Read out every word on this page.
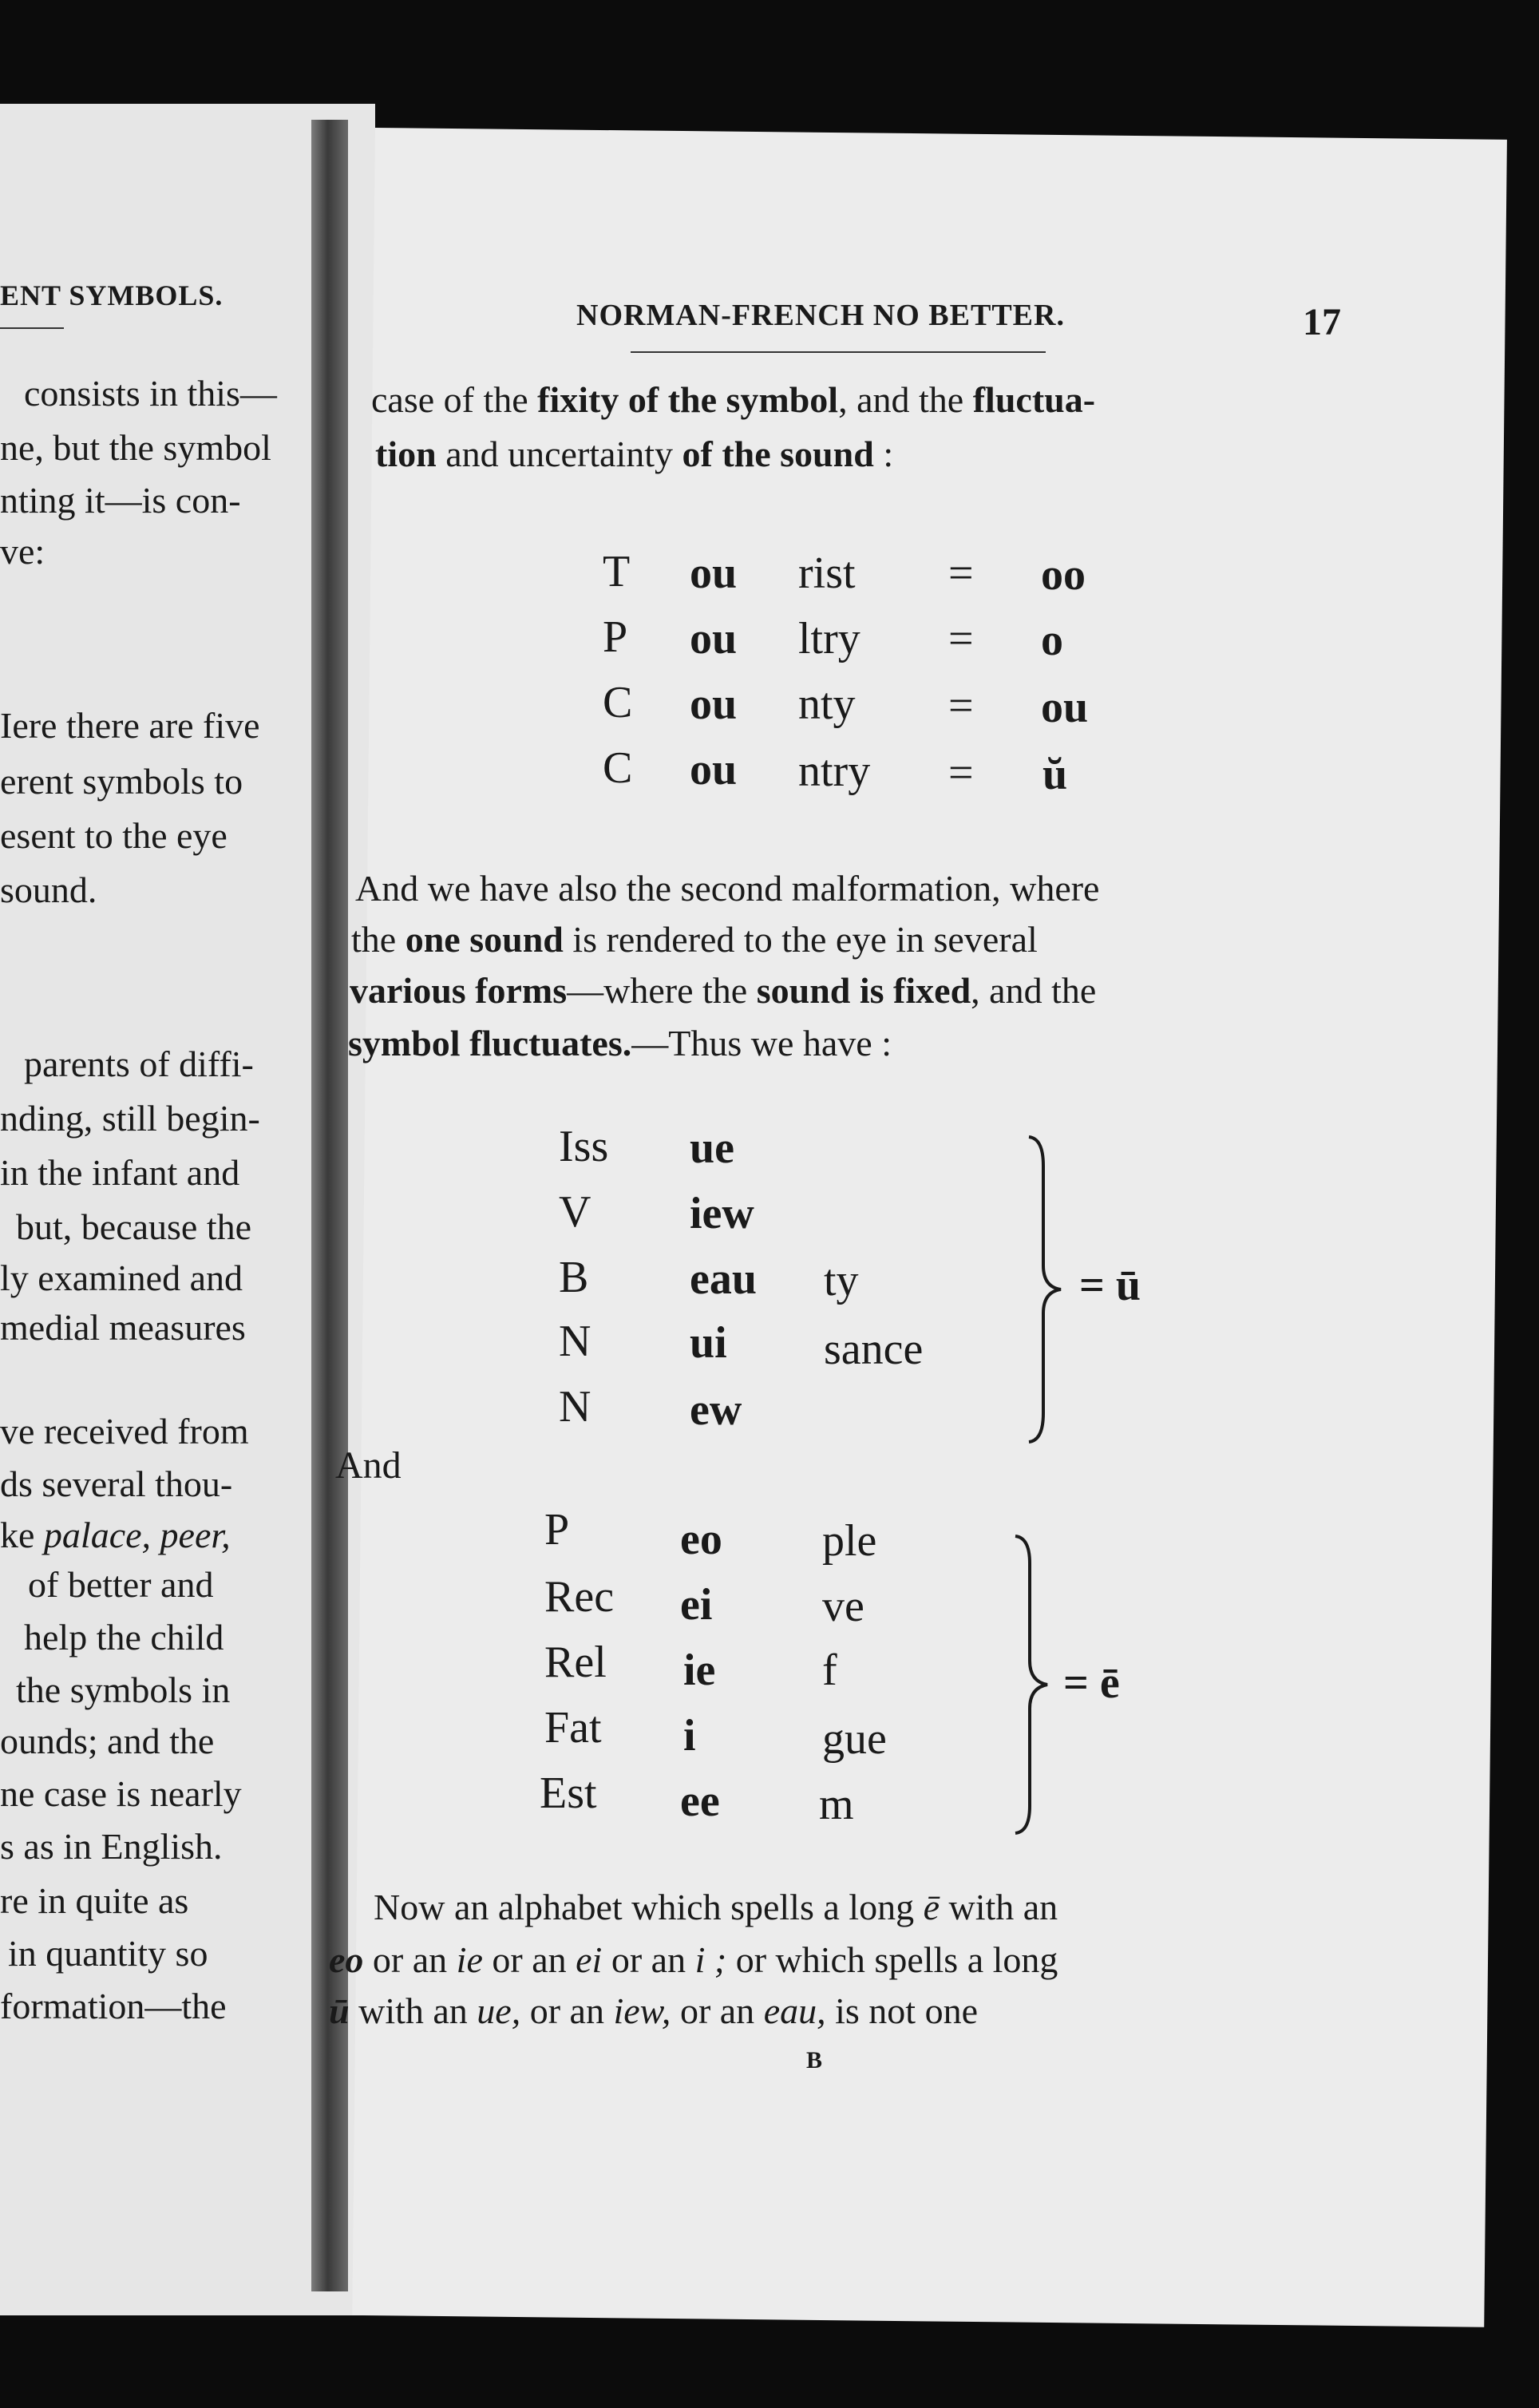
ENT SYMBOLS.
consists in this—
ne, but the symbol
nting it—is con-
ve:
Iere there are five
erent symbols to
esent to the eye
sound.
parents of diffi-
nding, still begin-
in the infant and
but, because the
ly examined and
medial measures
ve received from
ds several thou-
ke palace, peer,
of better and
help the child
the symbols in
ounds; and the
ne case is nearly
s as in English.
re in quite as
in quantity so
formation—the
NORMAN-FRENCH NO BETTER.	17
case of the fixity of the symbol, and the fluctua-
tion and uncertainty of the sound :
T ou rist = oo
P ou ltry = o
C ou nty = ou
C ou ntry = ŭ
And we have also the second malformation, where
the one sound is rendered to the eye in several
various forms—where the sound is fixed, and the
symbol fluctuates.—Thus we have :
Iss ue
V iew
B eau ty
N ui sance
N ew
= ū
And
P eo ple
Rec ei ve
Rel ie f
Fat i	gue
Est ee m
= ē
Now an alphabet which spells a long ē with an
eo or an ie or an ei or an i ; or which spells a long
ū with an ue, or an iew, or an eau, is not one
B
